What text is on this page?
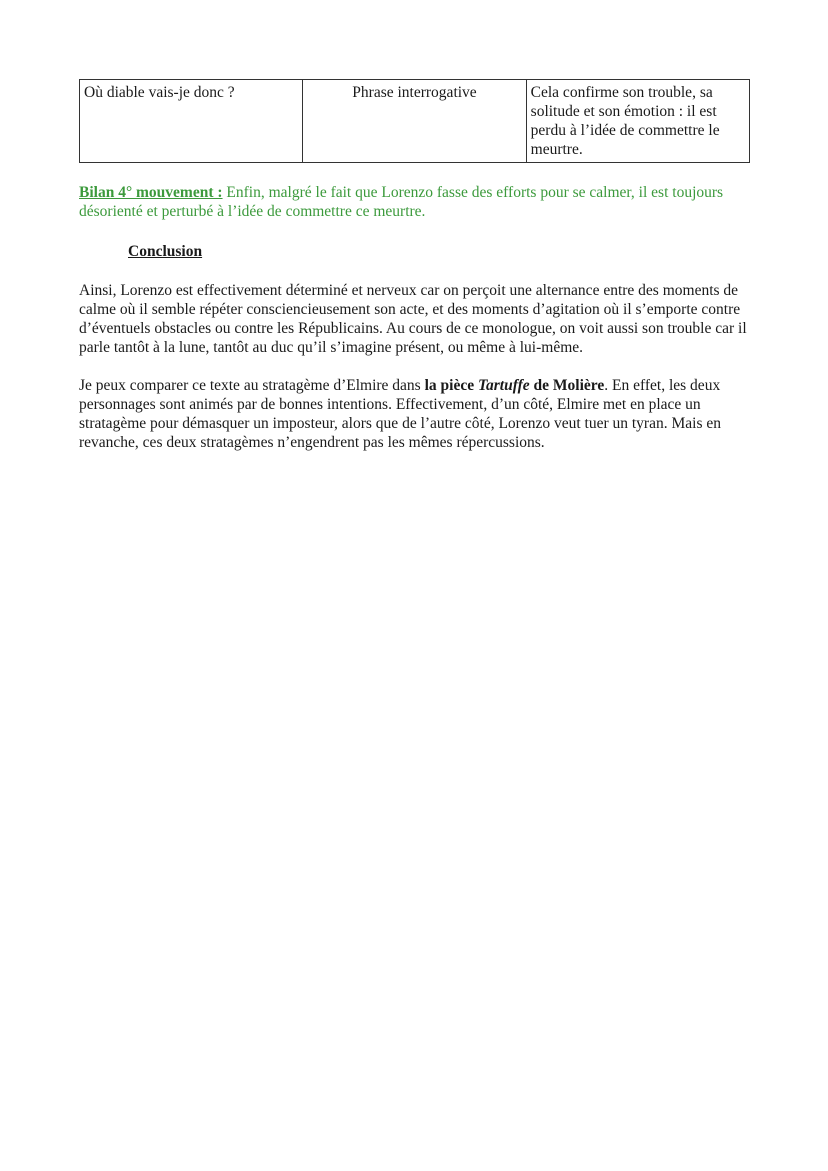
Où diable vais-je donc ?	Phrase interrogative	Cela confirme son trouble, sa solitude et son émotion : il est perdu à l’idée de commettre le meurtre.
Bilan 4° mouvement : Enfin, malgré le fait que Lorenzo fasse des efforts pour se calmer, il est toujours désorienté et perturbé à l’idée de commettre ce meurtre.
Conclusion
Ainsi, Lorenzo est effectivement déterminé et nerveux car on perçoit une alternance entre des moments de calme où il semble répéter consciencieusement son acte, et des moments d’agitation où il s’emporte contre d’éventuels obstacles ou contre les Républicains. Au cours de ce monologue, on voit aussi son trouble car il parle tantôt à la lune, tantôt au duc qu’il s’imagine présent, ou même à lui-même.
Je peux comparer ce texte au stratagème d’Elmire dans la pièce Tartuffe de Molière. En effet, les deux personnages sont animés par de bonnes intentions. Effectivement, d’un côté, Elmire met en place un stratagème pour démasquer un imposteur, alors que de l’autre côté, Lorenzo veut tuer un tyran. Mais en revanche, ces deux stratagèmes n’engendrent pas les mêmes répercussions.
